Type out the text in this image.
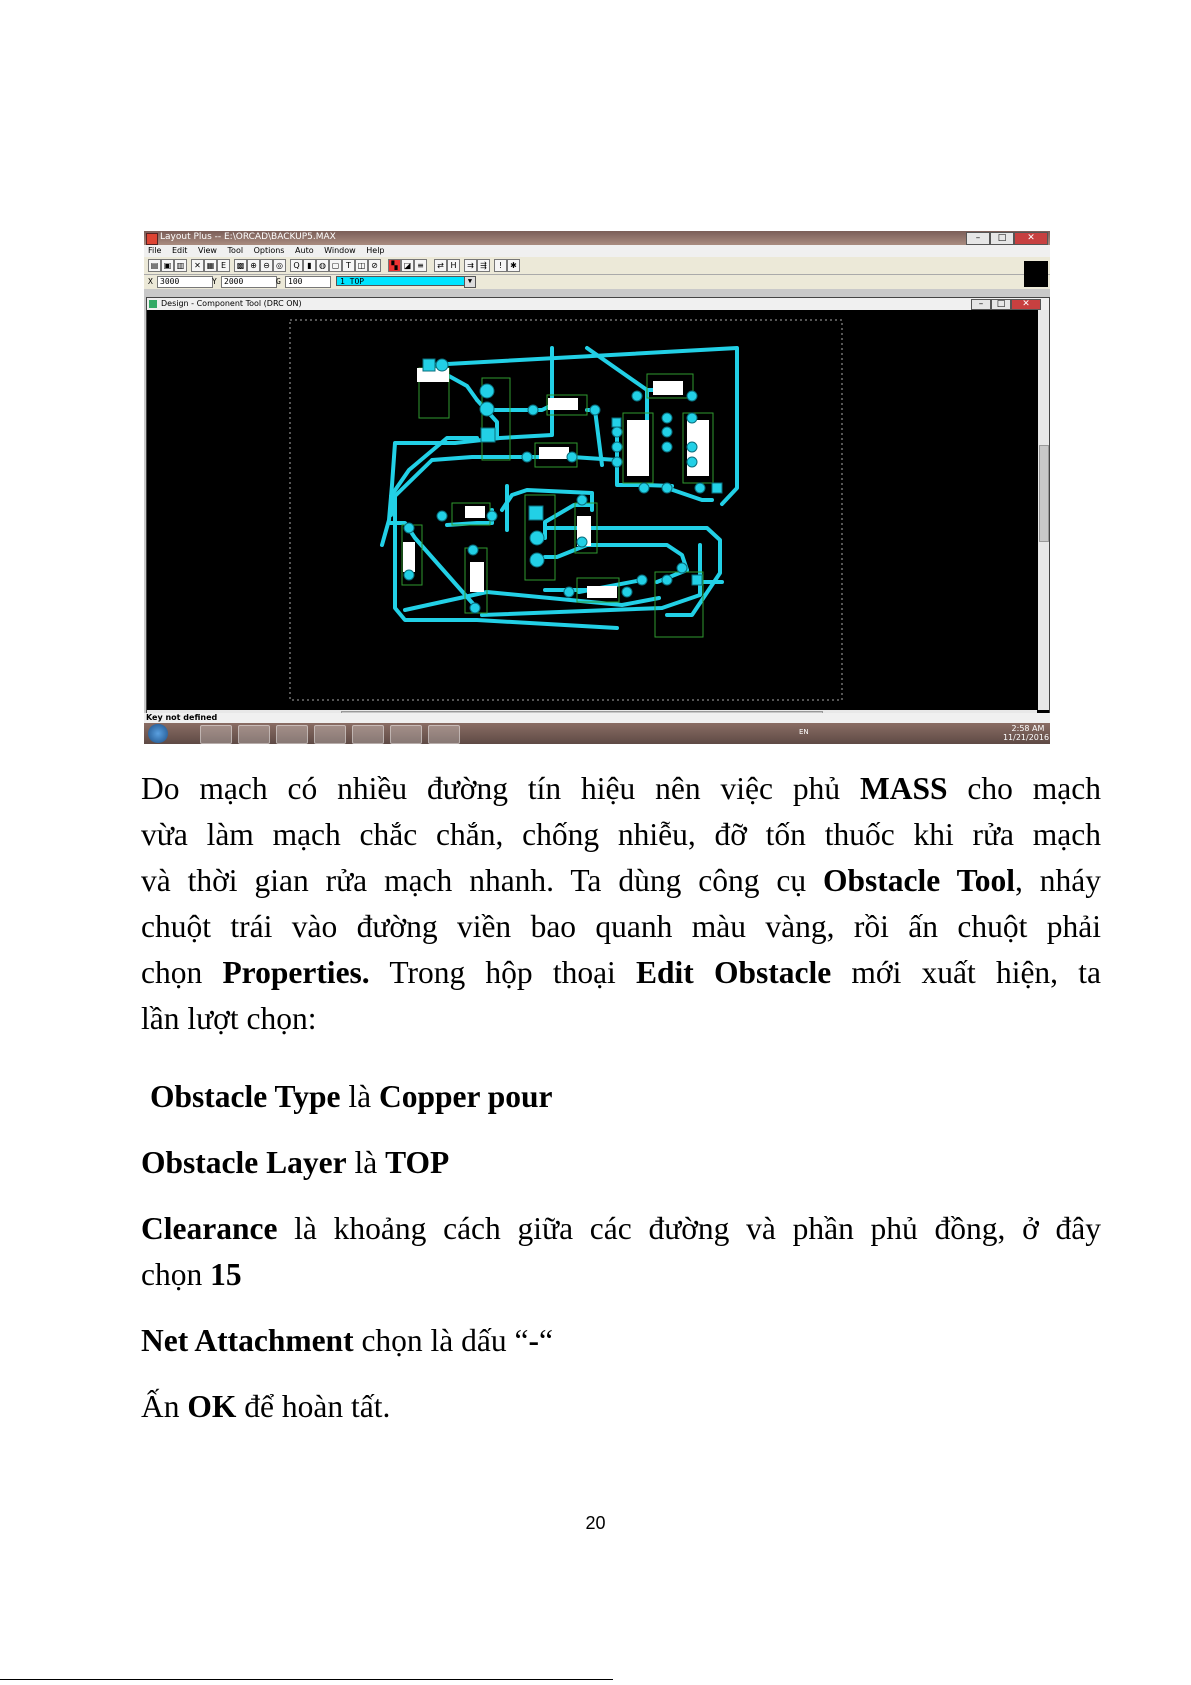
Layout Plus -- E:\ORCAD\BACKUP5.MAX	–	□	✕
File Edit View Tool Options Auto Window Help
▤ ▣ ▥	✕ ▦ E	▩ ⊕ ⊖ ◎	Q ▮ ◍ ▢ T ◫ ⊘	▚ ◪ ≡	⇄ H	⇉ ⇶	!	✱
X 3000	Y 2000	G 100	1 TOP	▼
Design - Component Tool (DRC ON)	–	□	✕
Key not defined
EN	2:58 AM
11/21/2016
Do mạch có nhiều đường tín hiệu nên việc phủ MASS cho mạch
vừa làm mạch chắc chắn, chống nhiễu, đỡ tốn thuốc khi rửa mạch
và thời gian rửa mạch nhanh. Ta dùng công cụ Obstacle Tool, nháy
chuột trái vào đường viền bao quanh màu vàng, rồi ấn chuột phải
chọn Properties. Trong hộp thoại Edit Obstacle mới xuất hiện, ta
lần lượt chọn:
Obstacle Type là Copper pour
Obstacle Layer là TOP
Clearance là khoảng cách giữa các đường và phần phủ đồng, ở đây
chọn 15
Net Attachment chọn là dấu “-“
Ấn OK để hoàn tất.
20
